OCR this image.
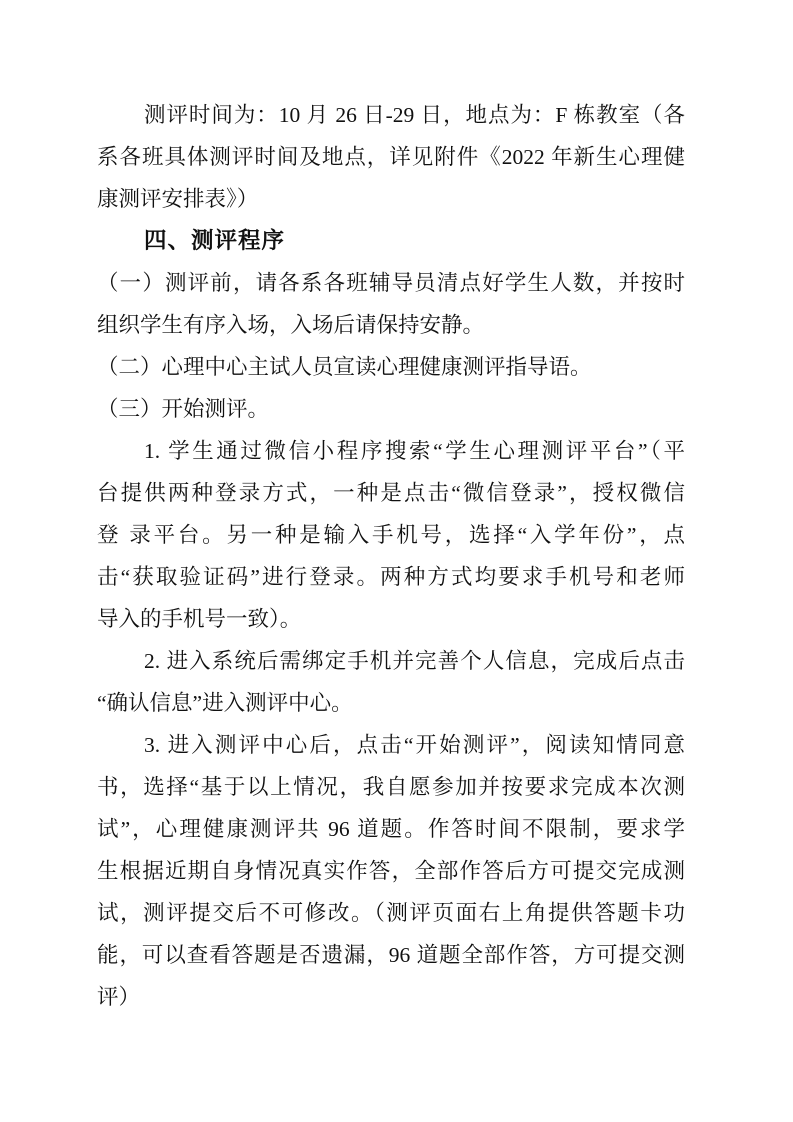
测评时间为：10 月 26 日-29 日，地点为：F 栋教室（各
系各班具体测评时间及地点，详见附件《2022 年新生心理健
康测评安排表》）
四、测评程序
（一）测评前，请各系各班辅导员清点好学生人数，并按时
组织学生有序入场，入场后请保持安静。
（二）心理中心主试人员宣读心理健康测评指导语。
（三）开始测评。
1. 学生通过微信小程序搜索“学生心理测评平台”（平
台提供两种登录方式，一种是点击“微信登录”，授权微信
登 录平台。另一种是输入手机号，选择“入学年份”，点
击“获取验证码”进行登录。两种方式均要求手机号和老师
导入的手机号一致）。
2. 进入系统后需绑定手机并完善个人信息，完成后点击
“确认信息”进入测评中心。
3. 进入测评中心后，点击“开始测评”，阅读知情同意
书，选择“基于以上情况，我自愿参加并按要求完成本次测
试”，心理健康测评共 96 道题。作答时间不限制，要求学
生根据近期自身情况真实作答，全部作答后方可提交完成测
试，测评提交后不可修改。（测评页面右上角提供答题卡功
能，可以查看答题是否遗漏，96 道题全部作答，方可提交测
评）
